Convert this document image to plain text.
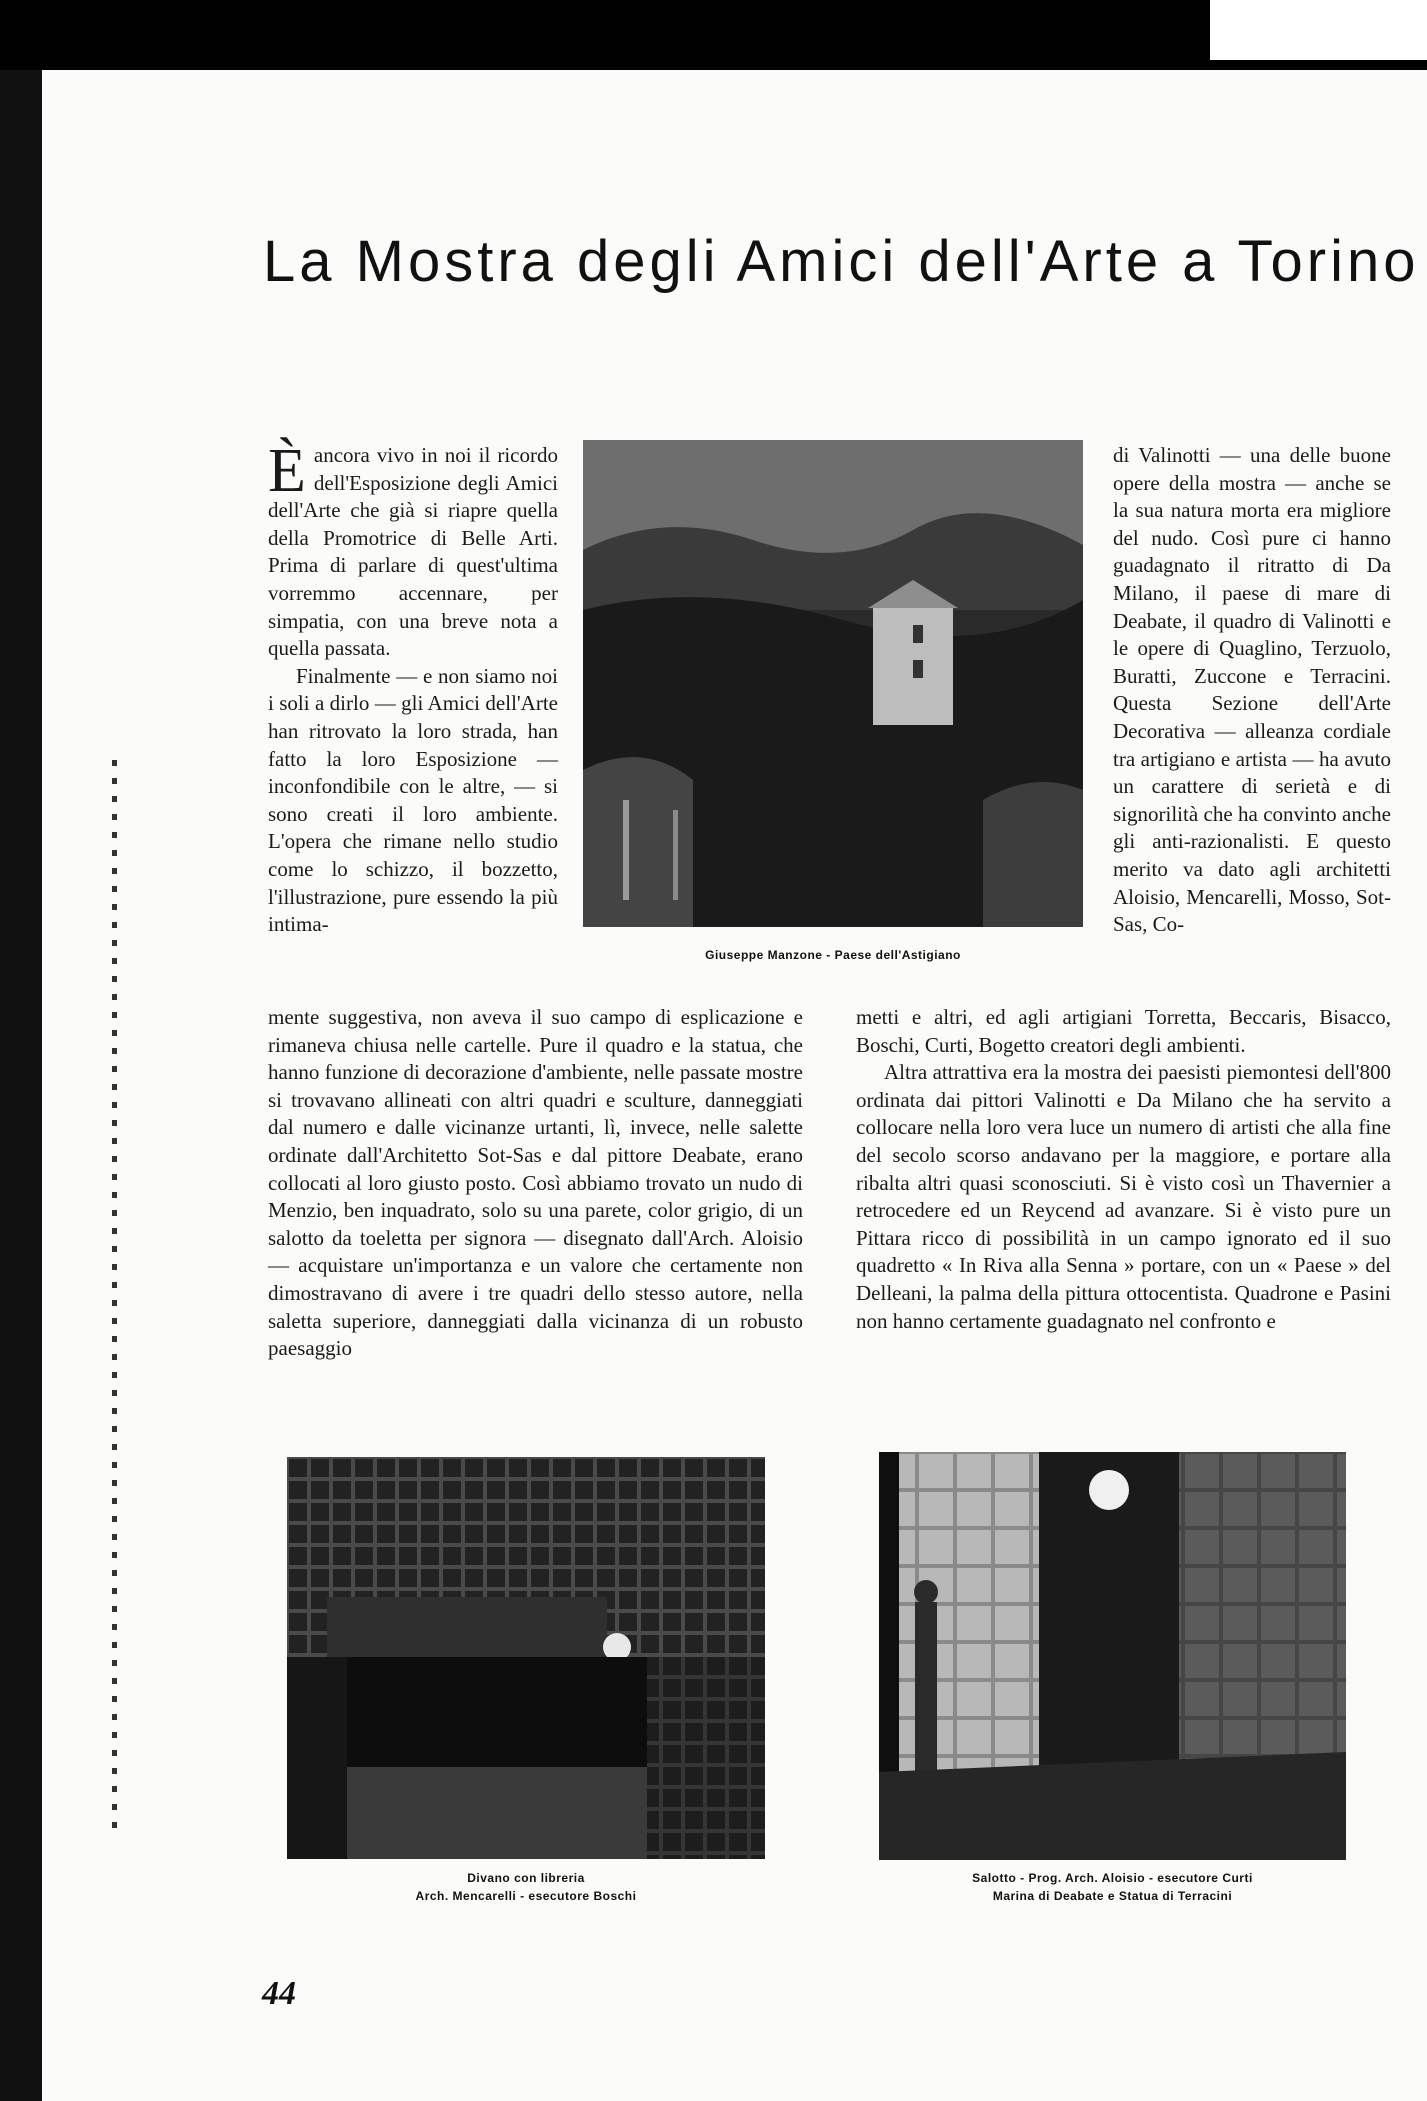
La Mostra degli Amici dell'Arte a Torino

Èancora vivo in noi il ricordo dell'Esposizione degli Amici dell'Arte che già si riapre quella della Promotrice di Belle Arti. Prima di parlare di quest'ultima vorremmo accennare, per simpatia, con una breve nota a quella passata.

Finalmente — e non siamo noi i soli a dirlo — gli Amici dell'Arte han ritrovato la loro strada, han fatto la loro Esposizione — inconfondibile con le altre, — si sono creati il loro ambiente. L'opera che rimane nello studio come lo schizzo, il bozzetto, l'illustrazione, pure essendo la più intima-

Giuseppe Manzone - Paese dell'Astigiano

mente suggestiva, non aveva il suo campo di esplicazione e rimaneva chiusa nelle cartelle. Pure il quadro e la statua, che hanno funzione di decorazione d'ambiente, nelle passate mostre si trovavano allineati con altri quadri e sculture, danneggiati dal numero e dalle vicinanze urtanti, lì, invece, nelle salette ordinate dall'Architetto Sot-Sas e dal pittore Deabate, erano collocati al loro giusto posto. Così abbiamo trovato un nudo di Menzio, ben inquadrato, solo su una parete, color grigio, di un salotto da toeletta per signora — disegnato dall'Arch. Aloisio — acquistare un'importanza e un valore che certamente non dimostravano di avere i tre quadri dello stesso autore, nella saletta superiore, danneggiati dalla vicinanza di un robusto paesaggio

di Valinotti — una delle buone opere della mostra — anche se la sua natura morta era migliore del nudo. Così pure ci hanno guadagnato il ritratto di Da Milano, il paese di mare di Deabate, il quadro di Valinotti e le opere di Quaglino, Terzuolo, Buratti, Zuccone e Terracini. Questa Sezione dell'Arte Decorativa — alleanza cordiale tra artigiano e artista — ha avuto un carattere di serietà e di signorilità che ha convinto anche gli anti-razionalisti. E questo merito va dato agli architetti Aloisio, Mencarelli, Mosso, Sot-Sas, Co-

metti e altri, ed agli artigiani Torretta, Beccaris, Bisacco, Boschi, Curti, Bogetto creatori degli ambienti.

Altra attrattiva era la mostra dei paesisti piemontesi dell'800 ordinata dai pittori Valinotti e Da Milano che ha servito a collocare nella loro vera luce un numero di artisti che alla fine del secolo scorso andavano per la maggiore, e portare alla ribalta altri quasi sconosciuti. Si è visto così un Thavernier a retrocedere ed un Reycend ad avanzare. Si è visto pure un Pittara ricco di possibilità in un campo ignorato ed il suo quadretto « In Riva alla Senna » portare, con un « Paese » del Delleani, la palma della pittura ottocentista. Quadrone e Pasini non hanno certamente guadagnato nel confronto e

Divano con libreria
Arch. Mencarelli - esecutore Boschi
Salotto - Prog. Arch. Aloisio - esecutore Curti
Marina di Deabate e Statua di Terracini
44
